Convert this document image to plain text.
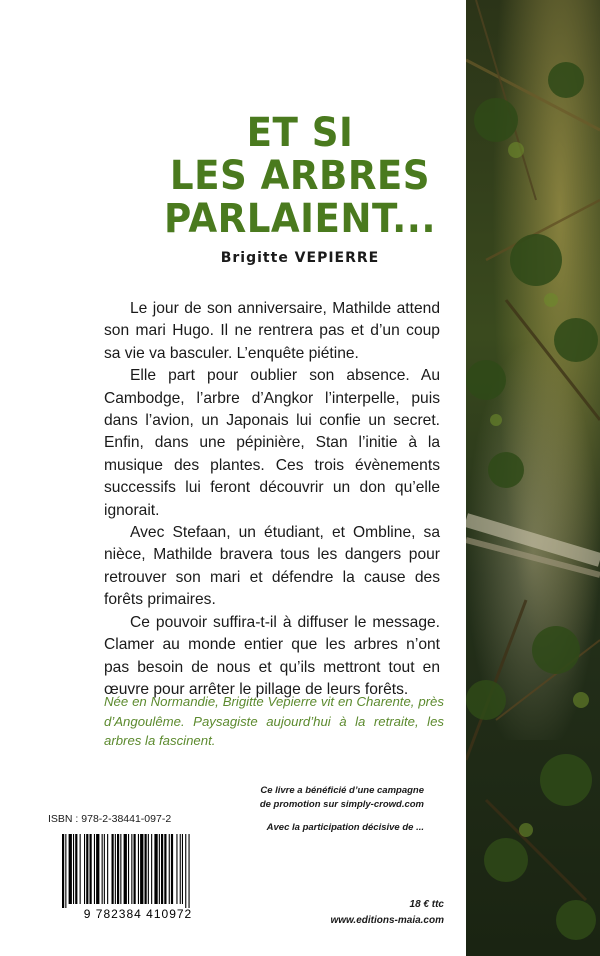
ET SI
LES ARBRES
PARLAIENT...
Brigitte VEPIERRE

Le jour de son anniversaire, Mathilde attend son mari Hugo. Il ne rentrera pas et d’un coup sa vie va basculer. L’enquête piétine.

Elle part pour oublier son absence. Au Cambodge, l’arbre d’Angkor l’interpelle, puis dans l’avion, un Japonais lui confie un secret. Enfin, dans une pépinière, Stan l’initie à la musique des plantes. Ces trois évènements successifs lui feront découvrir un don qu’elle ignorait.

Avec Stefaan, un étudiant, et Ombline, sa nièce, Mathilde bravera tous les dangers pour retrouver son mari et défendre la cause des forêts primaires.

Ce pouvoir suffira-t-il à diffuser le message. Clamer au monde entier que les arbres n’ont pas besoin de nous et qu’ils mettront tout en œuvre pour arrêter le pillage de leurs forêts.

Née en Normandie, Brigitte Vepierre vit en Charente, près d’Angoulême. Paysagiste aujourd’hui à la retraite, les arbres la fascinent.
Ce livre a bénéficié d’une campagne
de promotion sur simply-crowd.com
Avec la participation décisive de ...
ISBN : 978-2-38441-097-2
9 782384 410972
18 € ttc
www.editions-maia.com
